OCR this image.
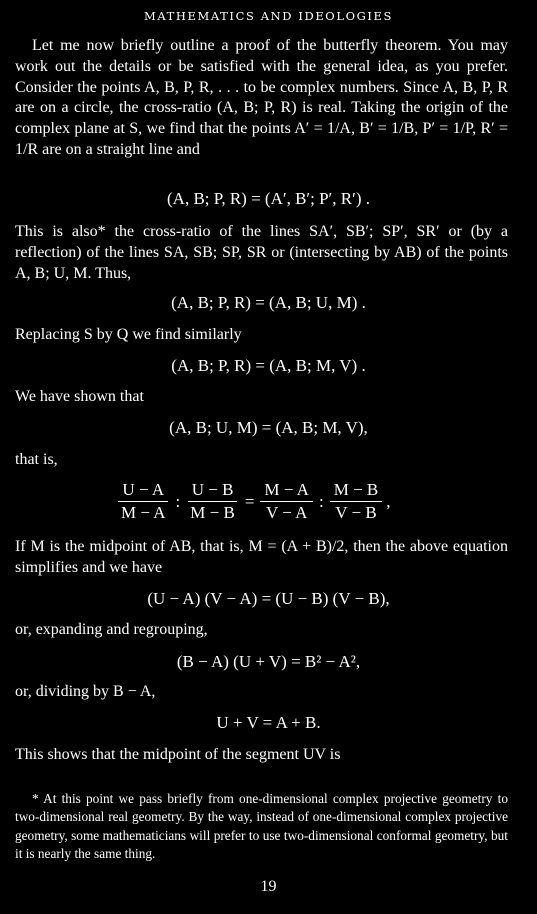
MATHEMATICS AND IDEOLOGIES
Let me now briefly outline a proof of the butterfly theorem. You may work out the details or be satisfied with the general idea, as you prefer. Consider the points A, B, P, R, . . . to be complex numbers. Since A, B, P, R are on a circle, the cross-ratio (A, B; P, R) is real. Taking the origin of the complex plane at S, we find that the points A′ = 1/A, B′ = 1/B, P′ = 1/P, R′ = 1/R are on a straight line and
(A, B; P, R) = (A′, B′; P′, R′) .
This is also* the cross-ratio of the lines SA′, SB′; SP′, SR′ or (by a reflection) of the lines SA, SB; SP, SR or (intersecting by AB) of the points A, B; U, M. Thus,
(A, B; P, R) = (A, B; U, M) .
Replacing S by Q we find similarly
(A, B; P, R) = (A, B; M, V) .
We have shown that
(A, B; U, M) = (A, B; M, V),
that is,
$\frac{U - A}{M - A}$ : $\frac{U - B}{M - B} = \frac{M - A}{V - A}$ : $\frac{M - B}{V - B}$ ,
If M is the midpoint of AB, that is, M = (A + B)/2, then the above equation simplifies and we have
(U − A) (V − A) = (U − B) (V − B),
or, expanding and regrouping,
(B − A) (U + V) = B² − A²,
or, dividing by B − A,
U + V = A + B.
This shows that the midpoint of the segment UV is
* At this point we pass briefly from one-dimensional complex projective geometry to two-dimensional real geometry. By the way, instead of one-dimensional complex projective geometry, some mathematicians will prefer to use two-dimensional conformal geometry, but it is nearly the same thing.
19
